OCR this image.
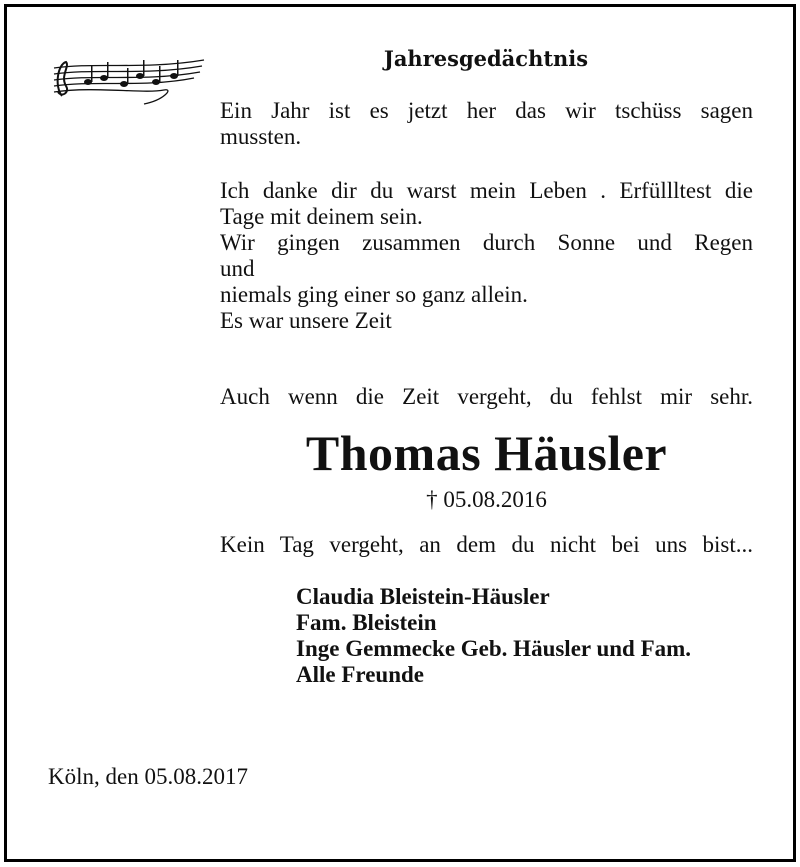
Jahresgedächtnis
Ein Jahr ist es jetzt her das wir tschüss sagen
mussten.
Ich danke dir du warst mein Leben . Erfüllltest die
Tage mit deinem sein.
Wir gingen zusammen durch Sonne und Regen
und
niemals ging einer so ganz allein.
Es war unsere Zeit
Auch wenn die Zeit vergeht, du fehlst mir sehr.
Thomas Häusler
† 05.08.2016
Kein Tag vergeht, an dem du nicht bei uns bist...
Claudia Bleistein-Häusler
Fam. Bleistein
Inge Gemmecke Geb. Häusler und Fam.
Alle Freunde
Köln, den 05.08.2017
